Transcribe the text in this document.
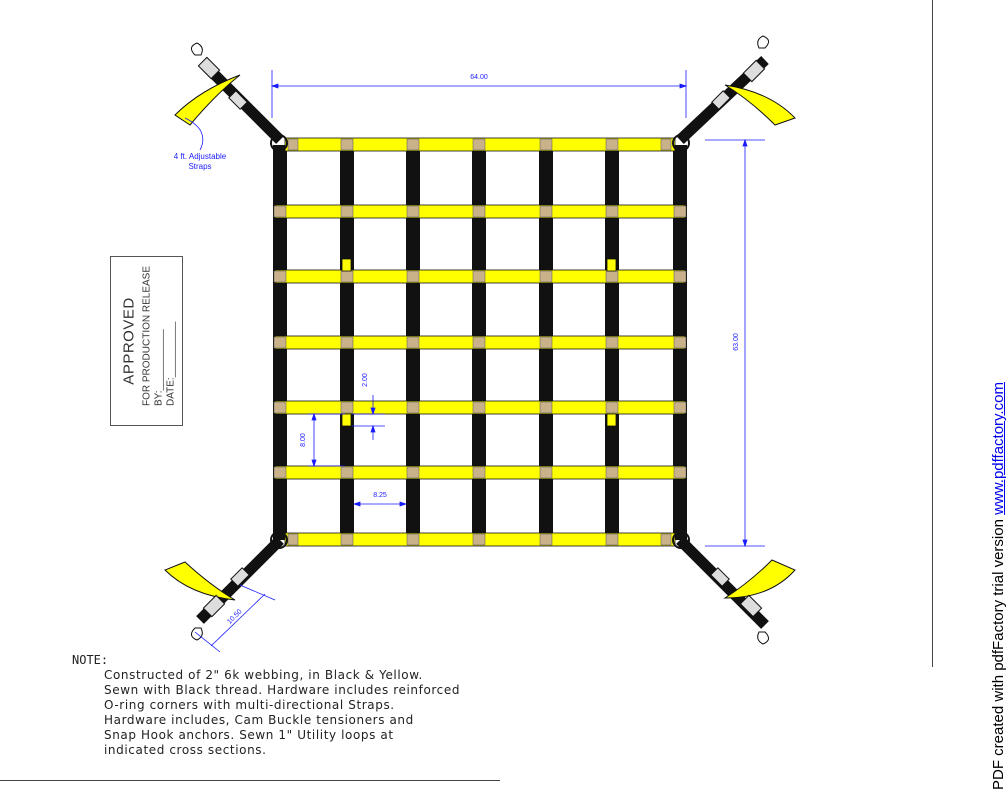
64.00
63.00
2.00
8.00
8.25
10.50
4 ft. Adjustable
Straps
APPROVED FOR PRODUCTION RELEASE BY:___________ DATE:__________
NOTE:
Constructed of 2" 6k webbing, in Black & Yellow.
Sewn with Black thread. Hardware includes reinforced
O-ring corners with multi-directional Straps.
Hardware includes, Cam Buckle tensioners and
Snap Hook anchors. Sewn 1" Utility loops at
indicated cross sections.	PDF created with pdfFactory trial version www.pdffactory.com
